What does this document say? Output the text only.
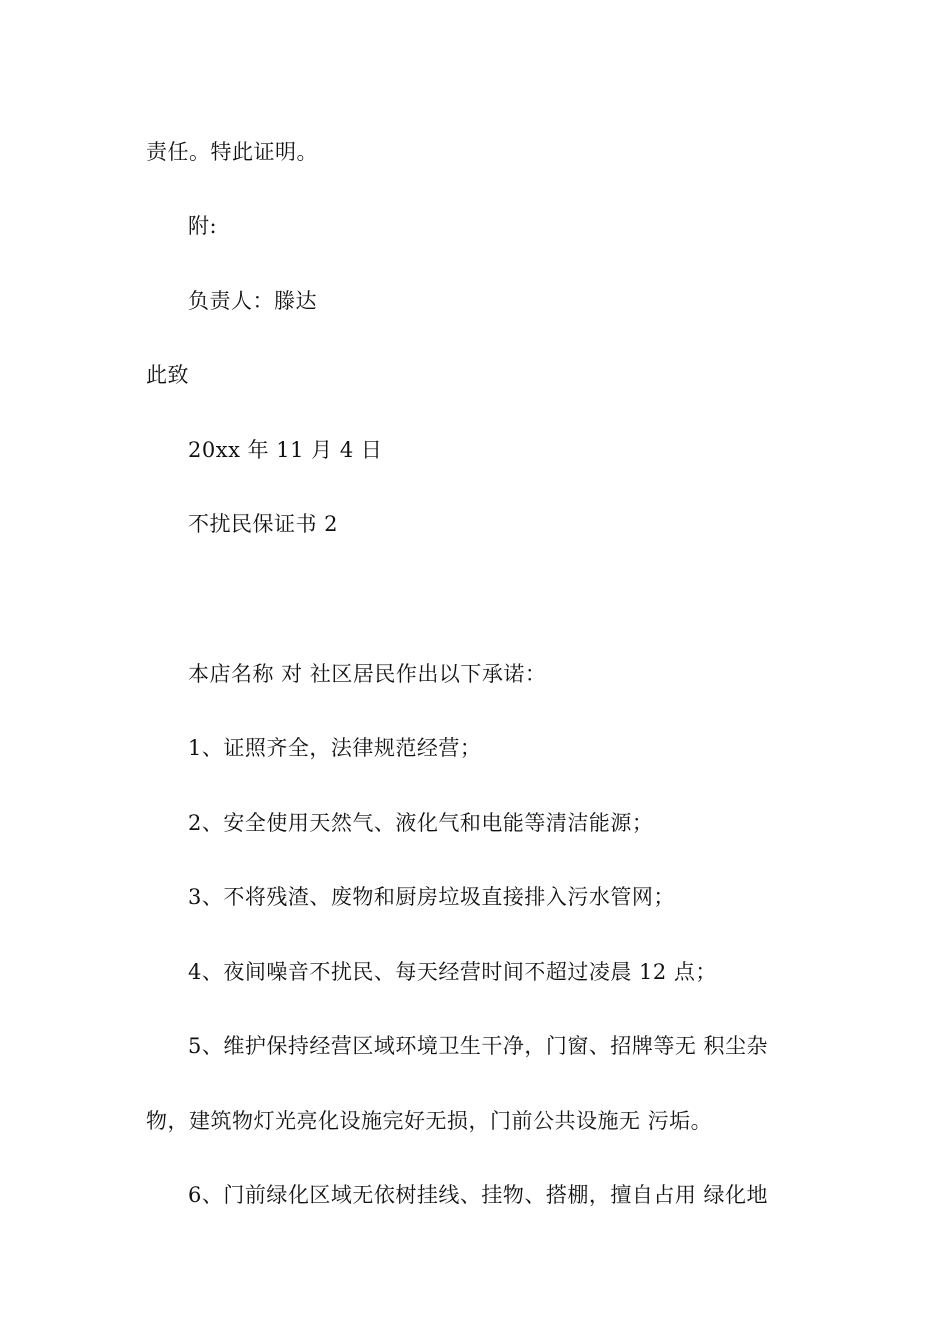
责任。特此证明。
附:
负责人：滕达
此致
20xx 年 11 月 4 日
不扰民保证书 2
本店名称 对 社区居民作出以下承诺：
1、证照齐全，法律规范经营；
2、安全使用天然气、液化气和电能等清洁能源；
3、不将残渣、废物和厨房垃圾直接排入污水管网；
4、夜间噪音不扰民、每天经营时间不超过凌晨 12 点；
5、维护保持经营区域环境卫生干净，门窗、招牌等无 积尘杂
物，建筑物灯光亮化设施完好无损，门前公共设施无 污垢。
6、门前绿化区域无依树挂线、挂物、搭棚，擅自占用 绿化地
